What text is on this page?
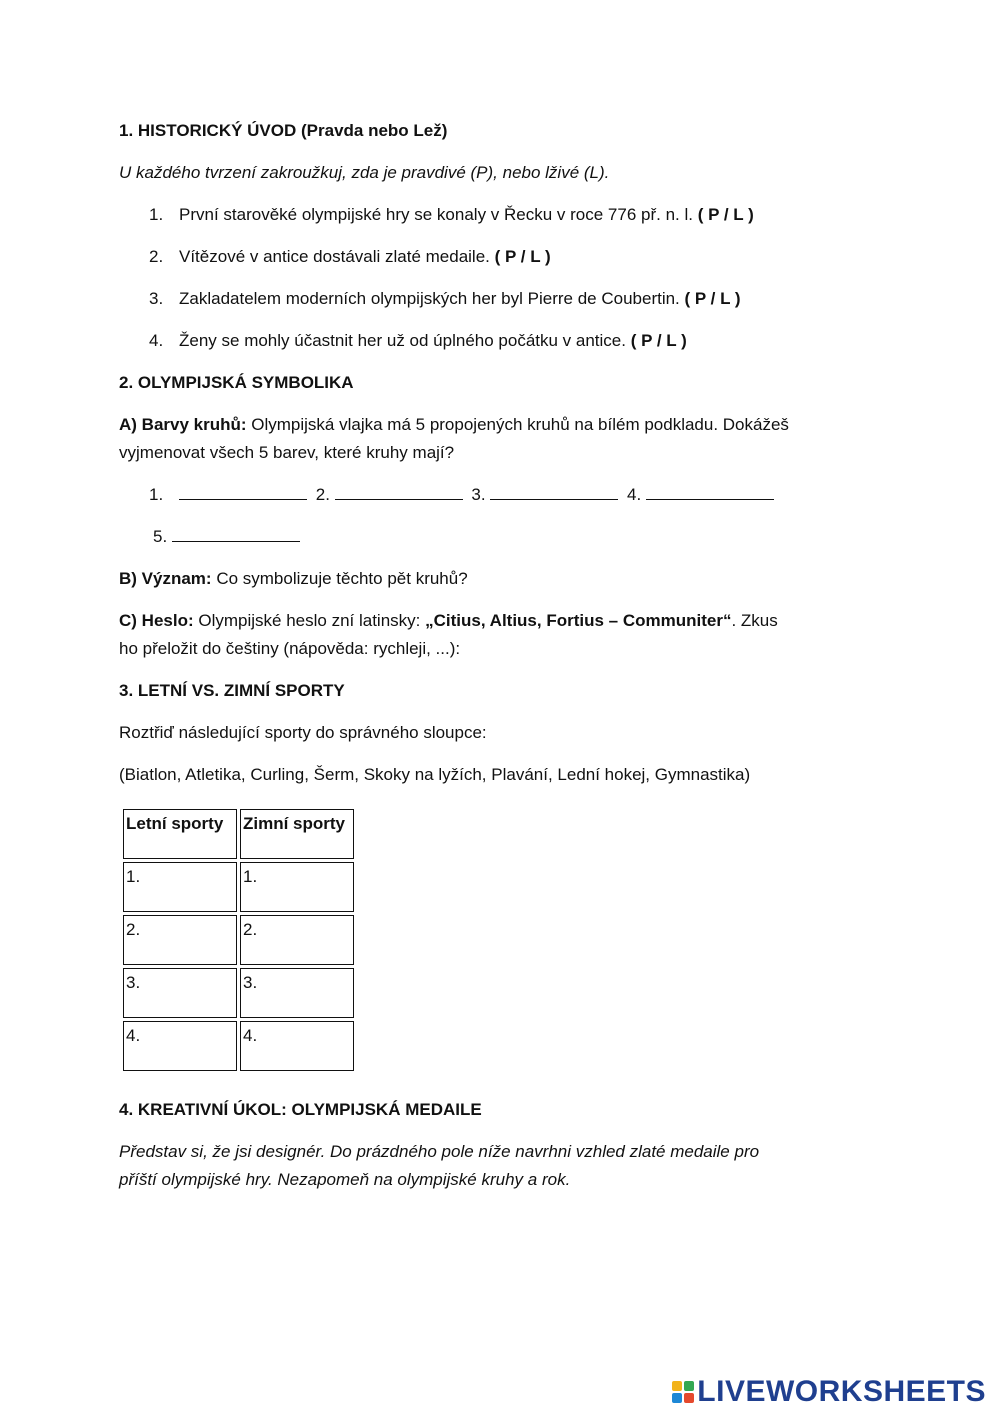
1. HISTORICKÝ ÚVOD (Pravda nebo Lež)
U každého tvrzení zakroužkuj, zda je pravdivé (P), nebo lživé (L).
1. První starověké olympijské hry se konaly v Řecku v roce 776 př. n. l. ( P / L )
2. Vítězové v antice dostávali zlaté medaile. ( P / L )
3. Zakladatelem moderních olympijských her byl Pierre de Coubertin. ( P / L )
4. Ženy se mohly účastnit her už od úplného počátku v antice. ( P / L )
2. OLYMPIJSKÁ SYMBOLIKA
A) Barvy kruhů: Olympijská vlajka má 5 propojených kruhů na bílém podkladu. Dokážeš
vyjmenovat všech 5 barev, které kruhy mají?
1.	2.	3.	4.
5.
B) Význam: Co symbolizuje těchto pět kruhů?
C) Heslo: Olympijské heslo zní latinsky: „Citius, Altius, Fortius – Communiter“. Zkus
ho přeložit do češtiny (nápověda: rychleji, ...):
3. LETNÍ VS. ZIMNÍ SPORTY
Roztřiď následující sporty do správného sloupce:
(Biatlon, Atletika, Curling, Šerm, Skoky na lyžích, Plavání, Lední hokej, Gymnastika)
Letní sporty	Zimní sporty
1.	1.
2.	2.
3.	3.
4.	4.
4. KREATIVNÍ ÚKOL: OLYMPIJSKÁ MEDAILE
Představ si, že jsi designér. Do prázdného pole níže navrhni vzhled zlaté medaile pro
příští olympijské hry. Nezapomeň na olympijské kruhy a rok.
LIVEWORKSHEETS
